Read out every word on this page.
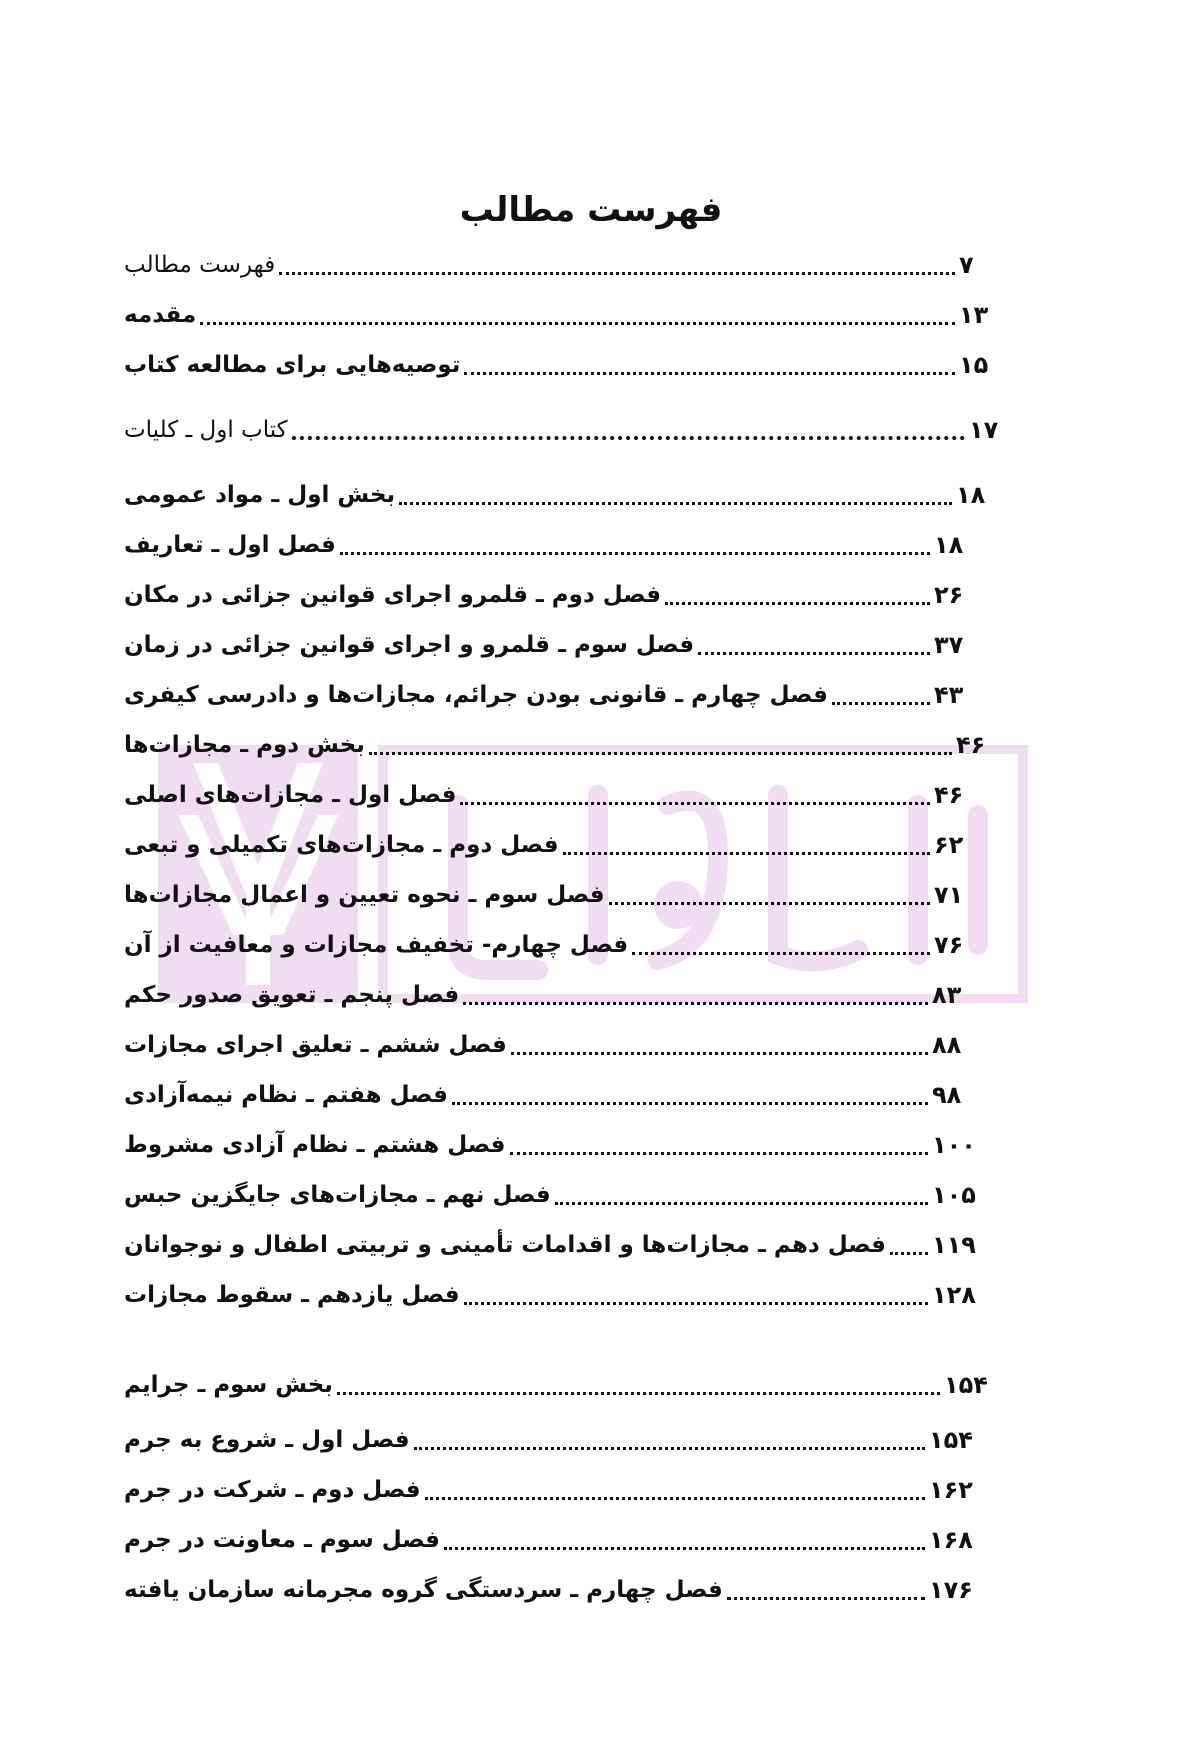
فهرست مطالب
فهرست مطالب	۷
مقدمه	۱۳
توصیه‌هایی برای مطالعه کتاب	۱۵
کتاب اول ـ کلیات	۱۷
بخش اول ـ مواد عمومی	۱۸
فصل اول ـ تعاریف	۱۸
فصل دوم ـ قلمرو اجرای قوانین جزائی در مکان	۲۶
فصل سوم ـ قلمرو و اجرای قوانین جزائی در زمان	۳۷
فصل چهارم ـ قانونی بودن جرائم، مجازات‌ها و دادرسی کیفری	۴۳
بخش دوم ـ مجازات‌ها	۴۶
فصل اول ـ مجازات‌های اصلی	۴۶
فصل دوم ـ مجازات‌های تکمیلی و تبعی	۶۲
فصل سوم ـ نحوه تعیین و اعمال مجازات‌ها	۷۱
فصل چهارم- تخفیف مجازات و معافیت از آن	۷۶
فصل پنجم ـ تعویق صدور حکم	۸۳
فصل ششم ـ تعلیق اجرای مجازات	۸۸
فصل هفتم ـ نظام نیمه‌آزادی	۹۸
فصل هشتم ـ نظام آزادی مشروط	۱۰۰
فصل نهم ـ مجازات‌های جایگزین حبس	۱۰۵
فصل دهم ـ مجازات‌ها و اقدامات تأمینی و تربیتی اطفال و نوجوانان ۱۱۹
فصل یازدهم ـ سقوط مجازات	۱۲۸
بخش سوم ـ جرایم	۱۵۴
فصل اول ـ شروع به جرم	۱۵۴
فصل دوم ـ شرکت در جرم	۱۶۲
فصل سوم ـ معاونت در جرم	۱۶۸
فصل چهارم ـ سردستگی گروه مجرمانه سازمان یافته	۱۷۶
